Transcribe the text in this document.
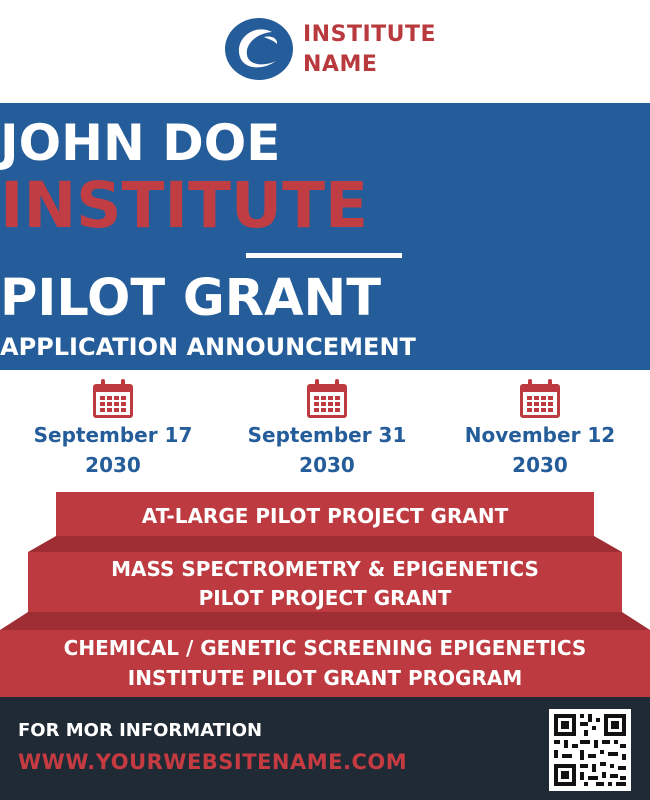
INSTITUTE
NAME
JOHN DOE
INSTITUTE
PILOT GRANT
APPLICATION ANNOUNCEMENT
September 17
2030
September 31
2030
November 12
2030
AT-LARGE PILOT PROJECT GRANT
MASS SPECTROMETRY & EPIGENETICS
PILOT PROJECT GRANT
CHEMICAL / GENETIC SCREENING EPIGENETICS
INSTITUTE PILOT GRANT PROGRAM
FOR MOR INFORMATION
WWW.YOURWEBSITENAME.COM
